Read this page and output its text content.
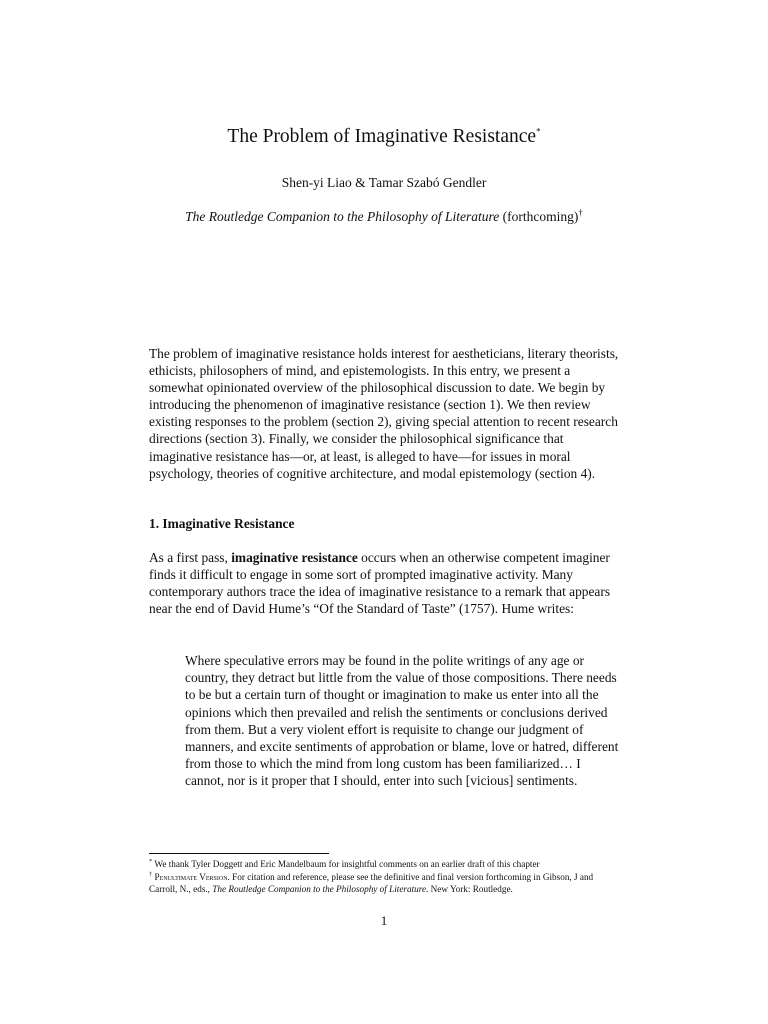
The Problem of Imaginative Resistance*
Shen-yi Liao & Tamar Szabó Gendler
The Routledge Companion to the Philosophy of Literature (forthcoming)†

The problem of imaginative resistance holds interest for aestheticians, literary theorists, ethicists, philosophers of mind, and epistemologists. In this entry, we present a somewhat opinionated overview of the philosophical discussion to date. We begin by introducing the phenomenon of imaginative resistance (section 1). We then review existing responses to the problem (section 2), giving special attention to recent research directions (section 3). Finally, we consider the philosophical significance that imaginative resistance has—or, at least, is alleged to have—for issues in moral psychology, theories of cognitive architecture, and modal epistemology (section 4).

1. Imaginative Resistance

As a first pass, imaginative resistance occurs when an otherwise competent imaginer finds it difficult to engage in some sort of prompted imaginative activity. Many contemporary authors trace the idea of imaginative resistance to a remark that appears near the end of David Hume’s “Of the Standard of Taste” (1757). Hume writes:

Where speculative errors may be found in the polite writings of any age or country, they detract but little from the value of those compositions. There needs to be but a certain turn of thought or imagination to make us enter into all the opinions which then prevailed and relish the sentiments or conclusions derived from them. But a very violent effort is requisite to change our judgment of manners, and excite sentiments of approbation or blame, love or hatred, different from those to which the mind from long custom has been familiarized… I cannot, nor is it proper that I should, enter into such [vicious] sentiments.

* We thank Tyler Doggett and Eric Mandelbaum for insightful comments on an earlier draft of this chapter
† Penultimate Version. For citation and reference, please see the definitive and final version forthcoming in Gibson, J and Carroll, N., eds., The Routledge Companion to the Philosophy of Literature. New York: Routledge.
1
